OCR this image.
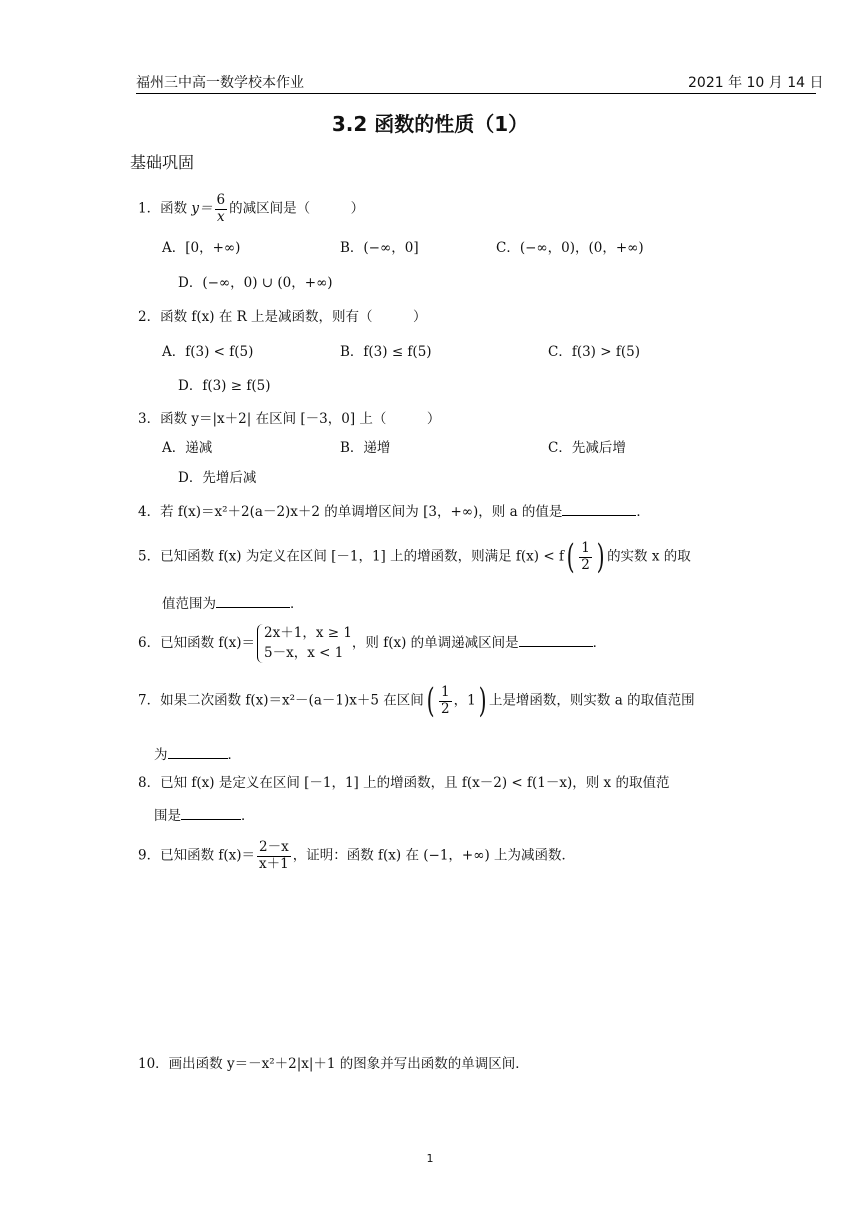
福州三中高一数学校本作业	2021 年 10 月 14 日
3.2 函数的性质（1）
基础巩固
1．函数 $y= \frac{6}{x}$ 的减区间是（　　　）
A．[0，+∞)	B．(−∞，0]	C．(−∞，0)，(0，+∞)
D．(−∞，0) ∪ (0，+∞)
2．函数 f(x) 在 R 上是减函数，则有（　　　）
A．f(3) < f(5)	B．f(3) ≤ f(5)	C．f(3) > f(5)
D．f(3) ≥ f(5)
3．函数 y＝|x＋2| 在区间 [－3，0] 上（　　　）
A．递减	B．递增	C．先减后增
D．先增后减
4．若 f(x)＝x²＋2(a－2)x＋2 的单调增区间为 [3，+∞)，则 a 的值是	．
5．已知函数 f(x) 为定义在区间 [－1，1] 上的增函数，则满足 $f(x) < f( \frac{1}{2}$ ) 的实数 x 的取
值范围为	．
6．已知函数 f(x)＝
2x＋1，x ≥ 1
5－x，x < 1
，则 f(x) 的单调递减区间是	．
7．如果二次函数 f(x)＝x²－(a－1)x＋5 在区间( $\frac{1}{2}$ ，1) 上是增函数，则实数 a 的取值范围
为	．
8．已知 f(x) 是定义在区间 [－1，1] 上的增函数，且 f(x－2) < f(1－x)，则 x 的取值范
围是	．
9．已知函数 $f(x)= \frac{2-x}{x+1}$ ，证明：函数 f(x) 在 (−1，+∞) 上为减函数．
10．画出函数 y＝－x²＋2|x|＋1 的图象并写出函数的单调区间．
1
